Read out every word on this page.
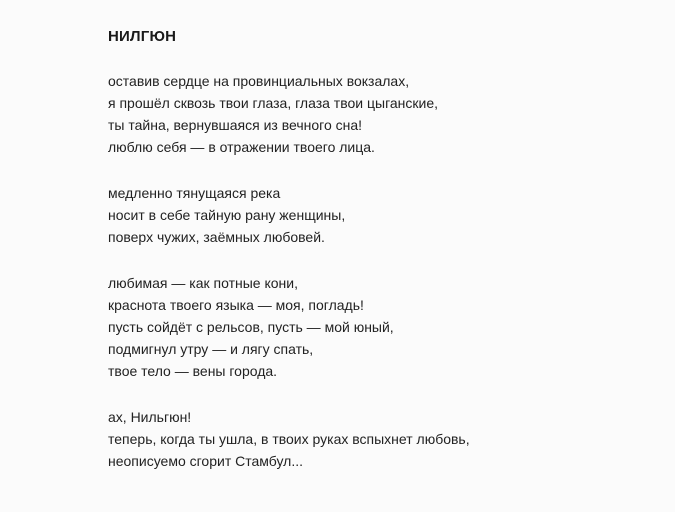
НИЛГЮН
оставив сердце на провинциальных вокзалах,
я прошёл сквозь твои глаза, глаза твои цыганские,
ты тайна, вернувшаяся из вечного сна!
люблю себя — в отражении твоего лица.
медленно тянущаяся река
носит в себе тайную рану женщины,
поверх чужих, заёмных любовей.
любимая — как потные кони,
краснота твоего языка — моя, погладь!
пусть сойдёт с рельсов, пусть — мой юный,
подмигнул утру — и лягу спать,
твое тело — вены города.
ах, Нильгюн!
теперь, когда ты ушла, в твоих руках вспыхнет любовь,
неописуемо сгорит Стамбул...
